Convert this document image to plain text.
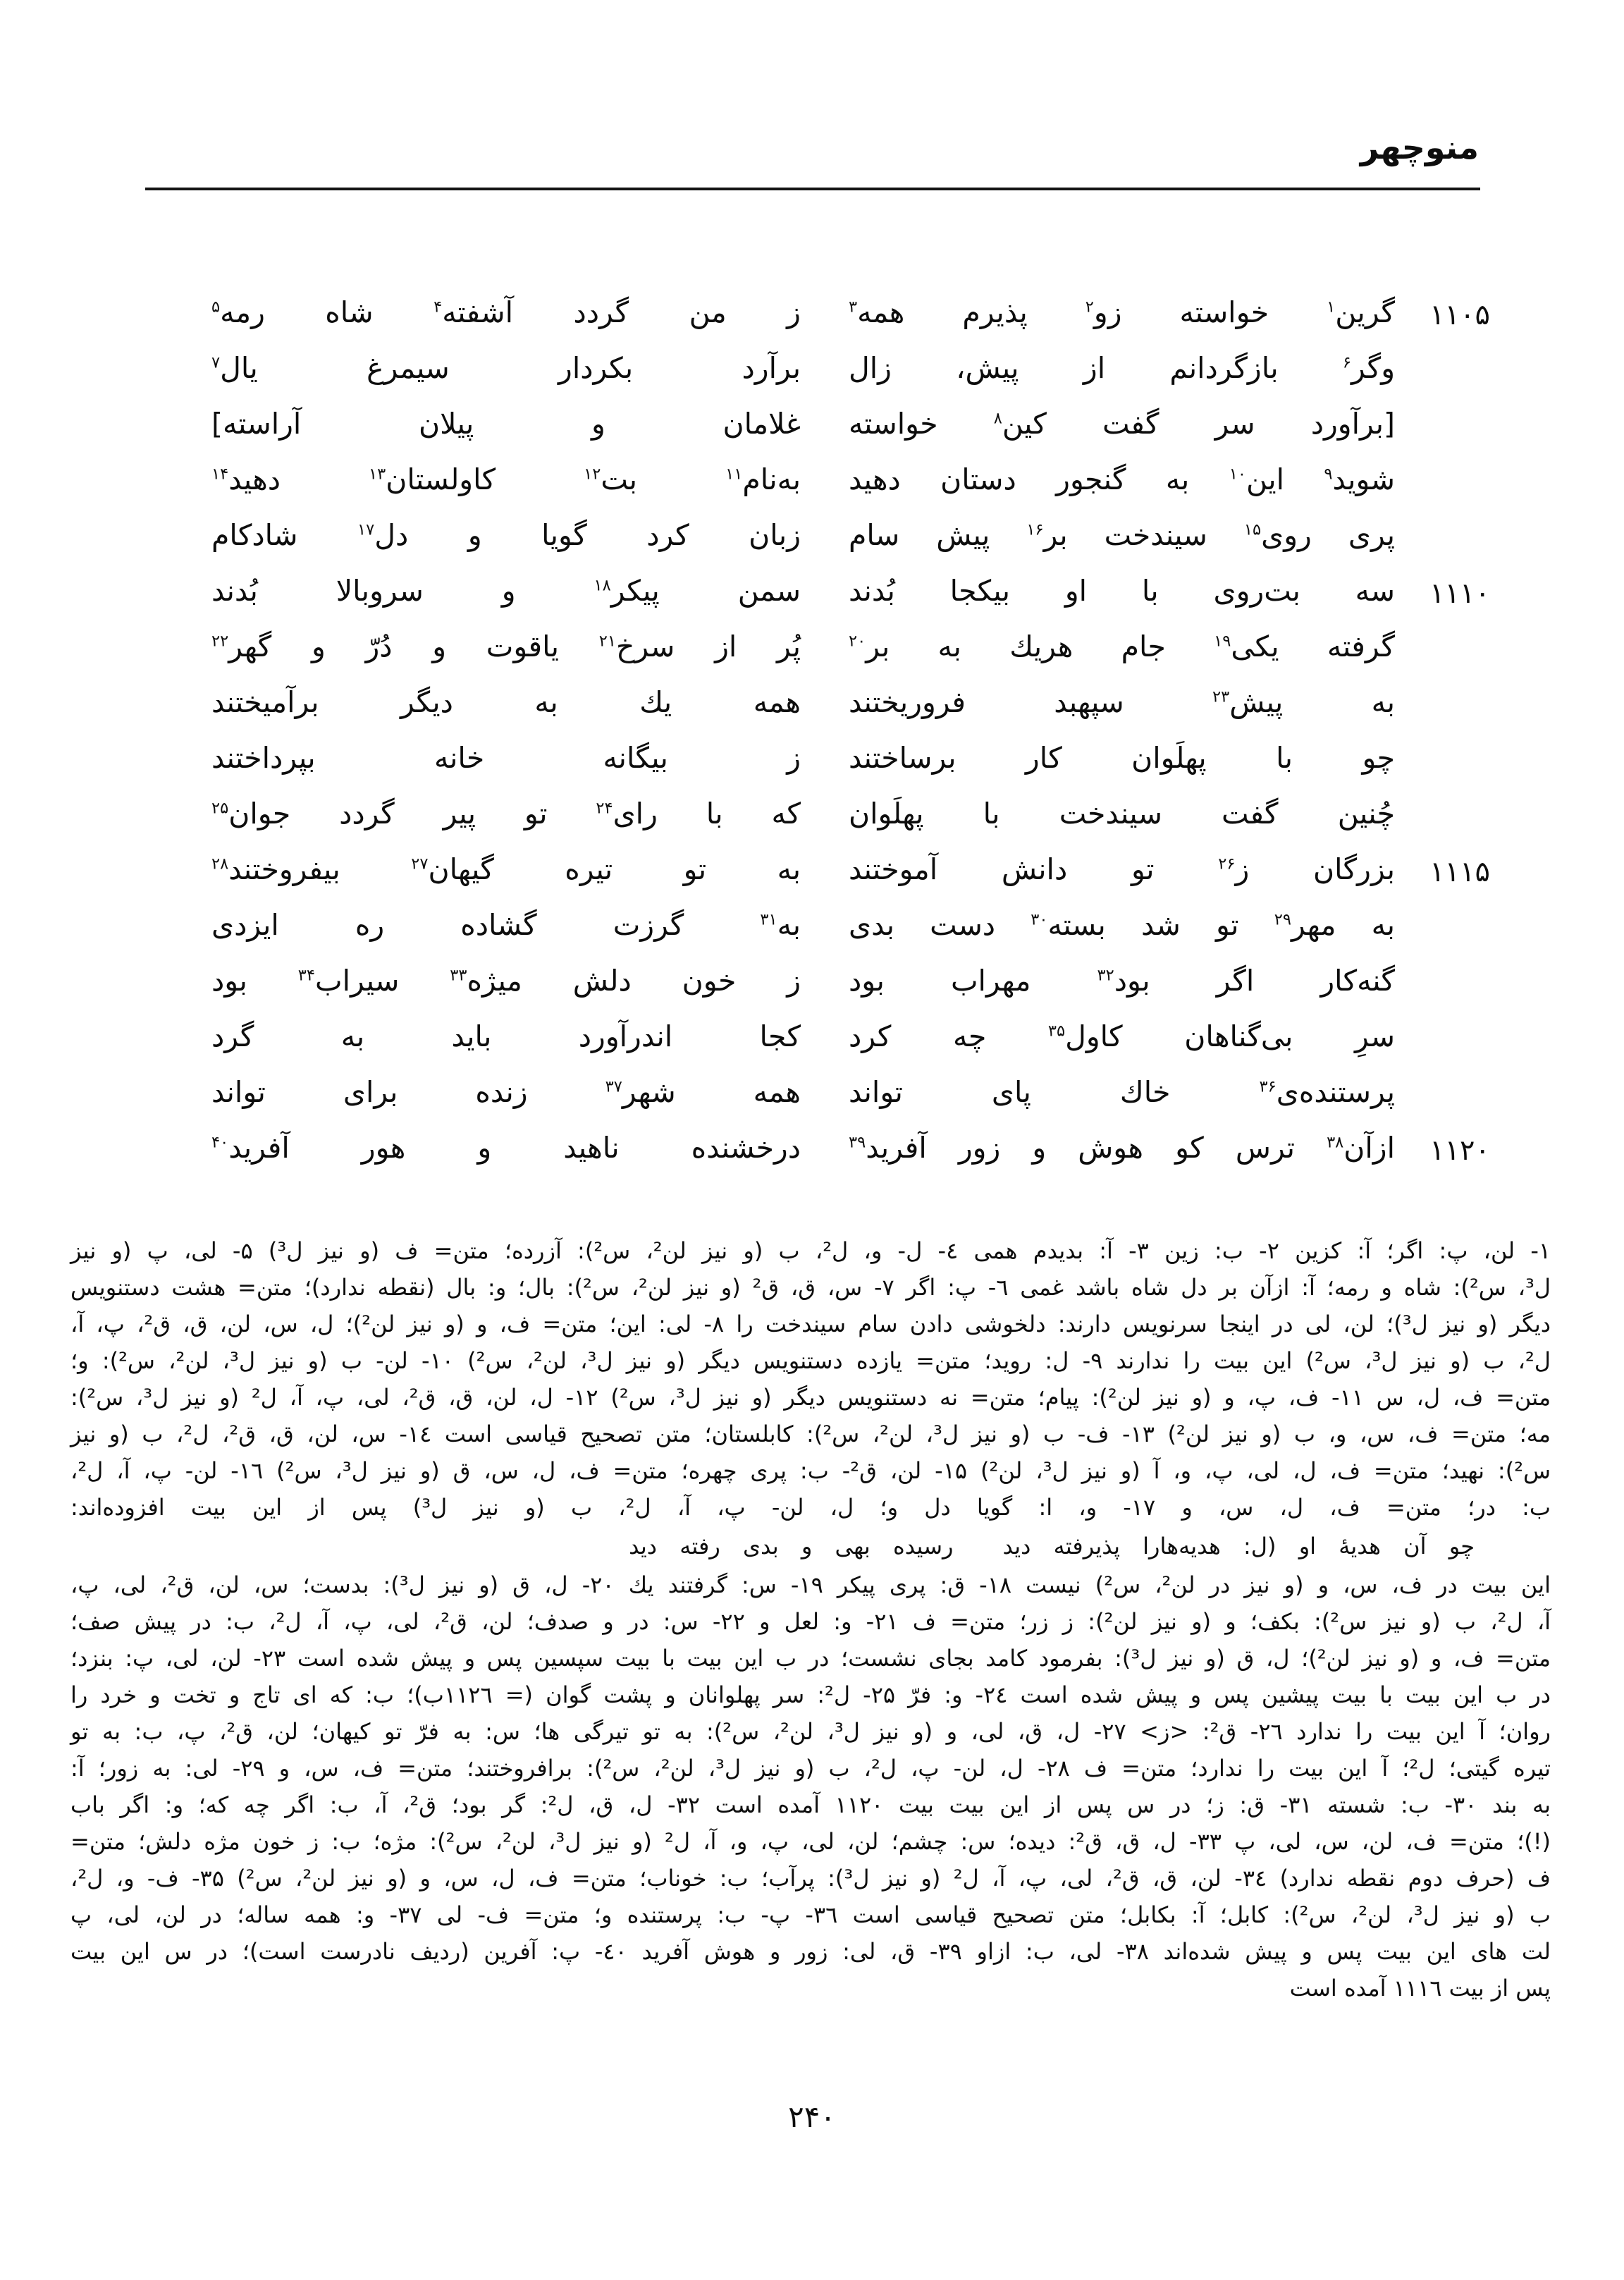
منوچهر
۱۱۰۵
گرین$^۱$ خواسته زو$^۲$ پذیرم همه$^۳$
ز من گردد آشفته$^۴$ شاه رمه$^۵$
وگر$^۶$ بازگردانم از پیش، زال
برآرد بکردار سیمرغ یال$^۷$
[برآورد سر گفت کین$^۸$ خواسته
غلامان و پیلان آراسته]
شوید$^۹$ این$^{۱۰}$ به گنجور دستان دهید
به‌نام$^{۱۱}$ بت$^{۱۲}$ کاولستان$^{۱۳}$ دهید$^{۱۴}$
پری روی$^{۱۵}$ سیندخت بر$^{۱۶}$ پیش سام
زبان کرد گویا و دل$^{۱۷}$ شادکام
۱۱۱۰
سه بت‌روی با او بیکجا بُدند
سمن پیکر$^{۱۸}$ و سروبالا بُدند
گرفته یکی$^{۱۹}$ جام هریك به بر$^{۲۰}$
پُر از سرخ$^{۲۱}$ یاقوت و دُرّ و گهر$^{۲۲}$
به پیش$^{۲۳}$ سپهبد فروریختند
همه یك به دیگر برآمیختند
چو با پهلَوان کار برساختند
ز بیگانه خانه بپرداختند
چُنین گفت سیندخت با پهلَوان
که با رای$^{۲۴}$ تو پیر گردد جوان$^{۲۵}$
۱۱۱۵
بزرگان ز$^{۲۶}$ تو دانش آموختند
به تو تیره گیهان$^{۲۷}$ بیفروختند$^{۲۸}$
به مهر$^{۲۹}$ تو شد بسته$^{۳۰}$ دست بدی
به$^{۳۱}$ گرزت گشاده ره ایزدی
گنه‌کار اگر بود$^{۳۲}$ مهراب بود
ز خون دلش میژه$^{۳۳}$ سیراب$^{۳۴}$ بود
سرِ بی‌گناهان کاول$^{۳۵}$ چه کرد
کجا اندرآورد باید به گرد
پرستنده‌ی$^{۳۶}$ خاك پای تواند
همه شهر$^{۳۷}$ زنده برای تواند
۱۱۲۰
ازآن$^{۳۸}$ ترس کو هوش و زور آفرید$^{۳۹}$
درخشنده ناهید و هور آفرید$^{۴۰}$
۱- لن، پ: اگر؛ آ: کزین ۲- ب: زین ۳- آ: بدیدم همی ٤- ل- و، ل²، ب (و نیز لن²، س²): آزرده؛ متن= ف (و نیز ل³) ۵- لی، پ (و نیز
ل³، س²): شاه و رمه؛ آ: ازآن بر دل شاه باشد غمی ٦- پ: اگر ۷- س، ق، ق² (و نیز لن²، س²): بال؛ و: بال (نقطه ندارد)؛ متن= هشت دستنویس
دیگر (و نیز ل³)؛ لن، لی در اینجا سرنویس دارند: دلخوشی دادن سام سیندخت را ۸- لی: این؛ متن= ف، و (و نیز لن²)؛ ل، س، لن، ق، ق²، پ، آ،
ل²، ب (و نیز ل³، س²) این بیت را ندارند ۹- ل: روید؛ متن= یازده دستنویس دیگر (و نیز ل³، لن²، س²) ۱۰- لن- ب (و نیز ل³، لن²، س²): و؛
متن= ف، ل، س ۱۱- ف، پ، و (و نیز لن²): پیام؛ متن= نه دستنویس دیگر (و نیز ل³، س²) ۱۲- ل، لن، ق، ق²، لی، پ، آ، ل² (و نیز ل³، س²):
مه؛ متن= ف، س، و، ب (و نیز لن²) ۱۳- ف- ب (و نیز ل³، لن²، س²): کابلستان؛ متن تصحیح قیاسی است ۱٤- س، لن، ق، ق²، ل²، ب (و نیز
س²): نهید؛ متن= ف، ل، لی، پ، و، آ (و نیز ل³، لن²) ۱۵- لن، ق²- ب: پری چهره؛ متن= ف، ل، س، ق (و نیز ل³، س²) ۱٦- لن- پ، آ، ل²،
ب: در؛ متن= ف، ل، س، و ۱۷- و، ا: گویا دل و؛ ل، لن- پ، آ، ل²، ب (و نیز ل³) پس از این بیت افزوده‌اند:
چو آن هدیهٔ او (ل: هدیه‌هارا پذیرفته دید
رسیده بهی و بدی رفته دید
این بیت در ف، س، و (و نیز در لن²، س²) نیست ۱۸- ق: پری پیکر ۱۹- س: گرفتند یك ۲۰- ل، ق (و نیز ل³): بدست؛ س، لن، ق²، لی، پ،
آ، ل²، ب (و نیز س²): بکف؛ و (و نیز لن²): ز زر؛ متن= ف ۲۱- و: لعل و ۲۲- س: در و صدف؛ لن، ق²، لی، پ، آ، ل²، ب: در پیش صف؛
متن= ف، و (و نیز لن²)؛ ل، ق (و نیز ل³): بفرمود کامد بجای نشست؛ در ب این بیت با بیت سپسین پس و پیش شده است ۲۳- لن، لی، پ: بنزد؛
در ب این بیت با بیت پیشین پس و پیش شده است ۲٤- و: فرّ ۲۵- ل²: سر پهلوانان و پشت گوان (= ۱۱۲٦ب)؛ ب: که ای تاج و تخت و خرد را
روان؛ آ این بیت را ندارد ۲٦- ق²: <ز> ۲۷- ل، ق، لی، و (و نیز ل³، لن²، س²): به تو تیرگی ها؛ س: به فرّ تو کیهان؛ لن، ق²، پ، ب: به تو
تیره گیتی؛ ل²؛ آ این بیت را ندارد؛ متن= ف ۲۸- ل، لن- پ، ل²، ب (و نیز ل³، لن²، س²): برافروختند؛ متن= ف، س، و ۲۹- لی: به زور؛ آ:
به بند ۳۰- ب: شسته ۳۱- ق: ز؛ در س پس از این بیت بیت ۱۱۲۰ آمده است ۳۲- ل، ق، ل²: گر بود؛ ق²، آ، ب: اگر چه که؛ و: اگر باب
(!)؛ متن= ف، لن، س، لی، پ ۳۳- ل، ق، ق²: دیده؛ س: چشم؛ لن، لی، پ، و، آ، ل² (و نیز ل³، لن²، س²): مژه؛ ب: ز خون مژه دلش؛ متن=
ف (حرف دوم نقطه ندارد) ۳٤- لن، ق، ق²، لی، پ، آ، ل² (و نیز ل³): پرآب؛ ب: خوناب؛ متن= ف، ل، س، و (و نیز لن²، س²) ۳۵- ف- و، ل²،
ب (و نیز ل³، لن²، س²): کابل؛ آ: بکابل؛ متن تصحیح قیاسی است ۳٦- پ- ب: پرستنده و؛ متن= ف- لی ۳۷- و: همه ساله؛ در لن، لی، پ
لت های این بیت پس و پیش شده‌اند ۳۸- لی، ب: ازاو ۳۹- ق، لی: زور و هوش آفرید ٤۰- پ: آفرین (ردیف نادرست است)؛ در س این بیت
پس از بیت ۱۱۱٦ آمده است
۲۴۰
